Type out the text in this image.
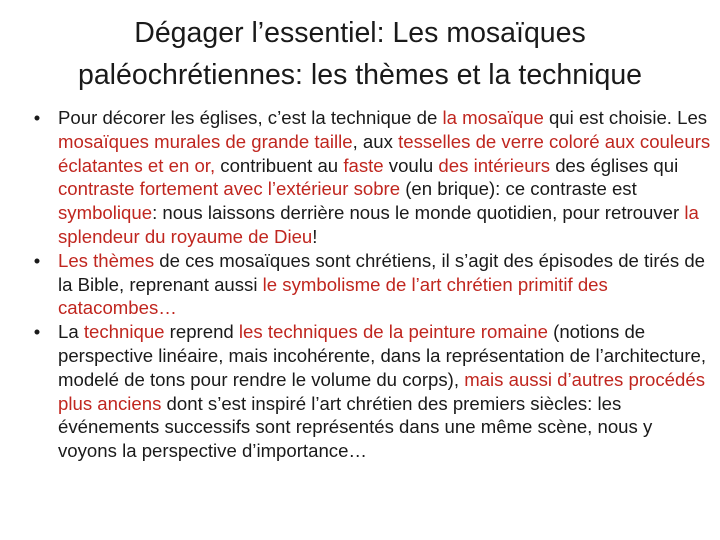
Dégager l’essentiel: Les mosaïques
paléochrétiennes: les thèmes et la technique
• Pour décorer les églises, c’est la technique de la mosaïque qui est choisie. Les mosaïques murales de grande taille, aux tesselles de verre coloré aux couleurs éclatantes et en or, contribuent au faste voulu des intérieurs des églises qui contraste fortement avec l’extérieur sobre (en brique): ce contraste est symbolique: nous laissons derrière nous le monde quotidien, pour retrouver la splendeur du royaume de Dieu!
• Les thèmes de ces mosaïques sont chrétiens, il s’agit des épisodes de tirés de la Bible, reprenant aussi le symbolisme de l’art chrétien primitif des catacombes…
• La technique reprend les techniques de la peinture romaine (notions de perspective linéaire, mais incohérente, dans la représentation de l’architecture, modelé de tons pour rendre le volume du corps), mais aussi d’autres procédés plus anciens dont s’est inspiré l’art chrétien des premiers siècles: les événements successifs sont représentés dans une même scène, nous y voyons la perspective d’importance…
